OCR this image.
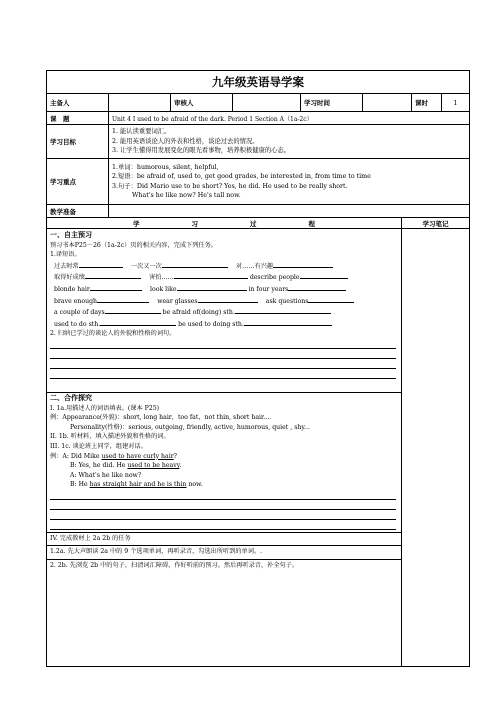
九年级英语导学案
主备人	审核人	学习时间	课时	1
课　题	Unit 4 I used to be afraid of the dark. Period 1 Section A（1a-2c）
学习目标
1. 能认读重要词汇。
2. 能用英语谈论人的外表和性格，谈论过去的情况。
3. 让学生懂得用发展变化的眼光看事物，培养积极健康的心态。
学习重点
1.单词：humorous, silent, helpful,
2.短语：be afraid of, used to, get good grades, be interested in, from time to time
3.句子：Did Mario use to be short? Yes, he did. He used to be really short.
What's he like now? He's tall now.
教学准备
学	习	过	程	学习笔记
一、自主预习
预习书本P25－26（1a-2c）页的相关内容，完成下列任务。
1.译短语。
过去时常　	一次又一次　	对……有兴趣
取得好成绩　	害怕……	describe people
blonde hair　	look like	in four years
brave enough　	wear glasses　	ask questions
a couple of days	be afraid of(doing) sth.
used to do sth.	be used to doing sth.
2. 归纳已学过的谈论人的外貌和性格的词句。
二、合作探究
I. 1a.用描述人的词语填表。(课本 P25)
例：Appearance(外貌)：short, long hair，too fat，not thin, short hair....
Personality(性格)：serious, outgoing, friendly, active, humorous, quiet , shy...
II. 1b. 听材料，填入描述外貌和性格的词。
III. 1c. 谈论班上同学，组建对话。
例：A: Did Mike used to have curly hair?
B: Yes, he did. He used to be heavy.
A: What's he like now?
B: He has straight hair and he is thin now.
IV. 完成教材上 2a 2b 的任务
1.2a. 先大声朗读 2a 中的 9 个选项单词，再听录音，勾选出所听到的单词。.
2. 2b. 先浏览 2b 中的句子，扫清词汇障碍，作好听前的预习。然后再听录音，补全句子。
